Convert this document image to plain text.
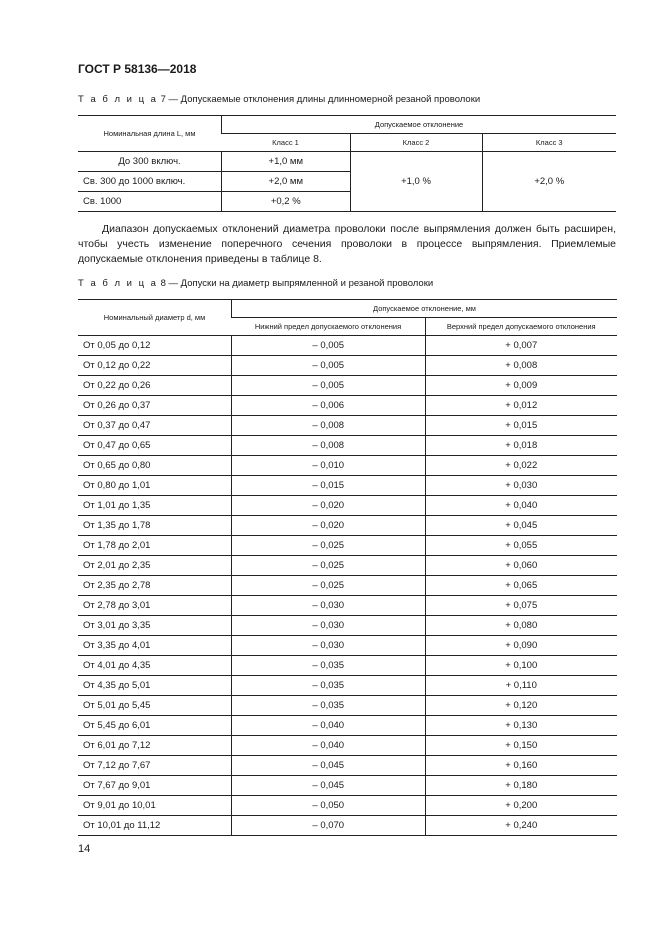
ГОСТ Р 58136—2018
Т а б л и ц а 7 — Допускаемые отклонения длины длинномерной резаной проволоки
Номинальная длина L, мм	Допускаемое отклонение		
	Класс 1	Класс 2	Класс 3
До 300 включ.	+1,0 мм	+1,0 %	+2,0 %
Св. 300 до 1000 включ.	+2,0 мм		
Св. 1000	+0,2 %		
Диапазон допускаемых отклонений диаметра проволоки после выпрямления должен быть расширен, чтобы учесть изменение поперечного сечения проволоки в процессе выпрямления. Приемлемые допускаемые отклонения приведены в таблице 8.
Т а б л и ц а 8 — Допуски на диаметр выпрямленной и резаной проволоки
Номинальный диаметр d, мм	Допускаемое отклонение, мм	
	Нижний предел допускаемого отклонения	Верхний предел допускаемого отклонения
От 0,05 до 0,12	– 0,005	+ 0,007
От 0,12 до 0,22	– 0,005	+ 0,008
От 0,22 до 0,26	– 0,005	+ 0,009
От 0,26 до 0,37	– 0,006	+ 0,012
От 0,37 до 0,47	– 0,008	+ 0,015
От 0,47 до 0,65	– 0,008	+ 0,018
От 0,65 до 0,80	– 0,010	+ 0,022
От 0,80 до 1,01	– 0,015	+ 0,030
От 1,01 до 1,35	– 0,020	+ 0,040
От 1,35 до 1,78	– 0,020	+ 0,045
От 1,78 до 2,01	– 0,025	+ 0,055
От 2,01 до 2,35	– 0,025	+ 0,060
От 2,35 до 2,78	– 0,025	+ 0,065
От 2,78 до 3,01	– 0,030	+ 0,075
От 3,01 до 3,35	– 0,030	+ 0,080
От 3,35 до 4,01	– 0,030	+ 0,090
От 4,01 до 4,35	– 0,035	+ 0,100
От 4,35 до 5,01	– 0,035	+ 0,110
От 5,01 до 5,45	– 0,035	+ 0,120
От 5,45 до 6,01	– 0,040	+ 0,130
От 6,01 до 7,12	– 0,040	+ 0,150
От 7,12 до 7,67	– 0,045	+ 0,160
От 7,67 до 9,01	– 0,045	+ 0,180
От 9,01 до 10,01	– 0,050	+ 0,200
От 10,01 до 11,12	– 0,070	+ 0,240
14
